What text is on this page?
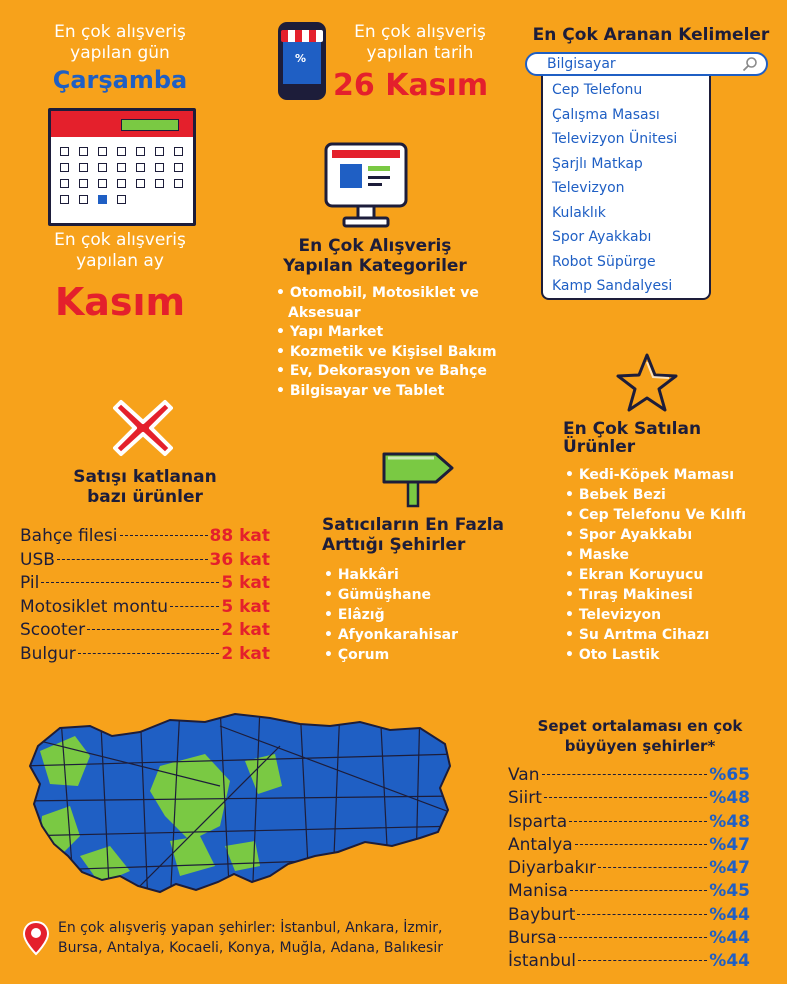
En çok alışveriş yapılan gün
Çarşamba
En çok alışveriş yapılan ay
Kasım
%
En çok alışveriş yapılan tarih
26 Kasım
En Çok Aranan Kelimeler
Cep Telefonu
Çalışma Masası
Televizyon Ünitesi
Şarjlı Matkap
Televizyon
Kulaklık
Spor Ayakkabı
Robot Süpürge
Kamp Sandalyesi
Bilgisayar
En Çok Alışveriş Yapılan Kategoriler
• Otomobil, Motosiklet ve Aksesuar
• Yapı Market
• Kozmetik ve Kişisel Bakım
• Ev, Dekorasyon ve Bahçe
• Bilgisayar ve Tablet
Satışı katlanan bazı ürünler
Bahçe filesi	88 kat
USB	36 kat
Pil	5 kat
Motosiklet montu	5 kat
Scooter	2 kat
Bulgur	2 kat
Satıcıların En Fazla Arttığı Şehirler
• Hakkâri
• Gümüşhane
• Elâzığ
• Afyonkarahisar
• Çorum
En Çok Satılan Ürünler
• Kedi-Köpek Maması
• Bebek Bezi
• Cep Telefonu Ve Kılıfı
• Spor Ayakkabı
• Maske
• Ekran Koruyucu
• Tıraş Makinesi
• Televizyon
• Su Arıtma Cihazı
• Oto Lastik
En çok alışveriş yapan şehirler: İstanbul, Ankara, İzmir, Bursa, Antalya, Kocaeli, Konya, Muğla, Adana, Balıkesir
Sepet ortalaması en çok büyüyen şehirler*
Van	%65
Siirt	%48
Isparta	%48
Antalya	%47
Diyarbakır	%47
Manisa	%45
Bayburt	%44
Bursa	%44
İstanbul	%44
